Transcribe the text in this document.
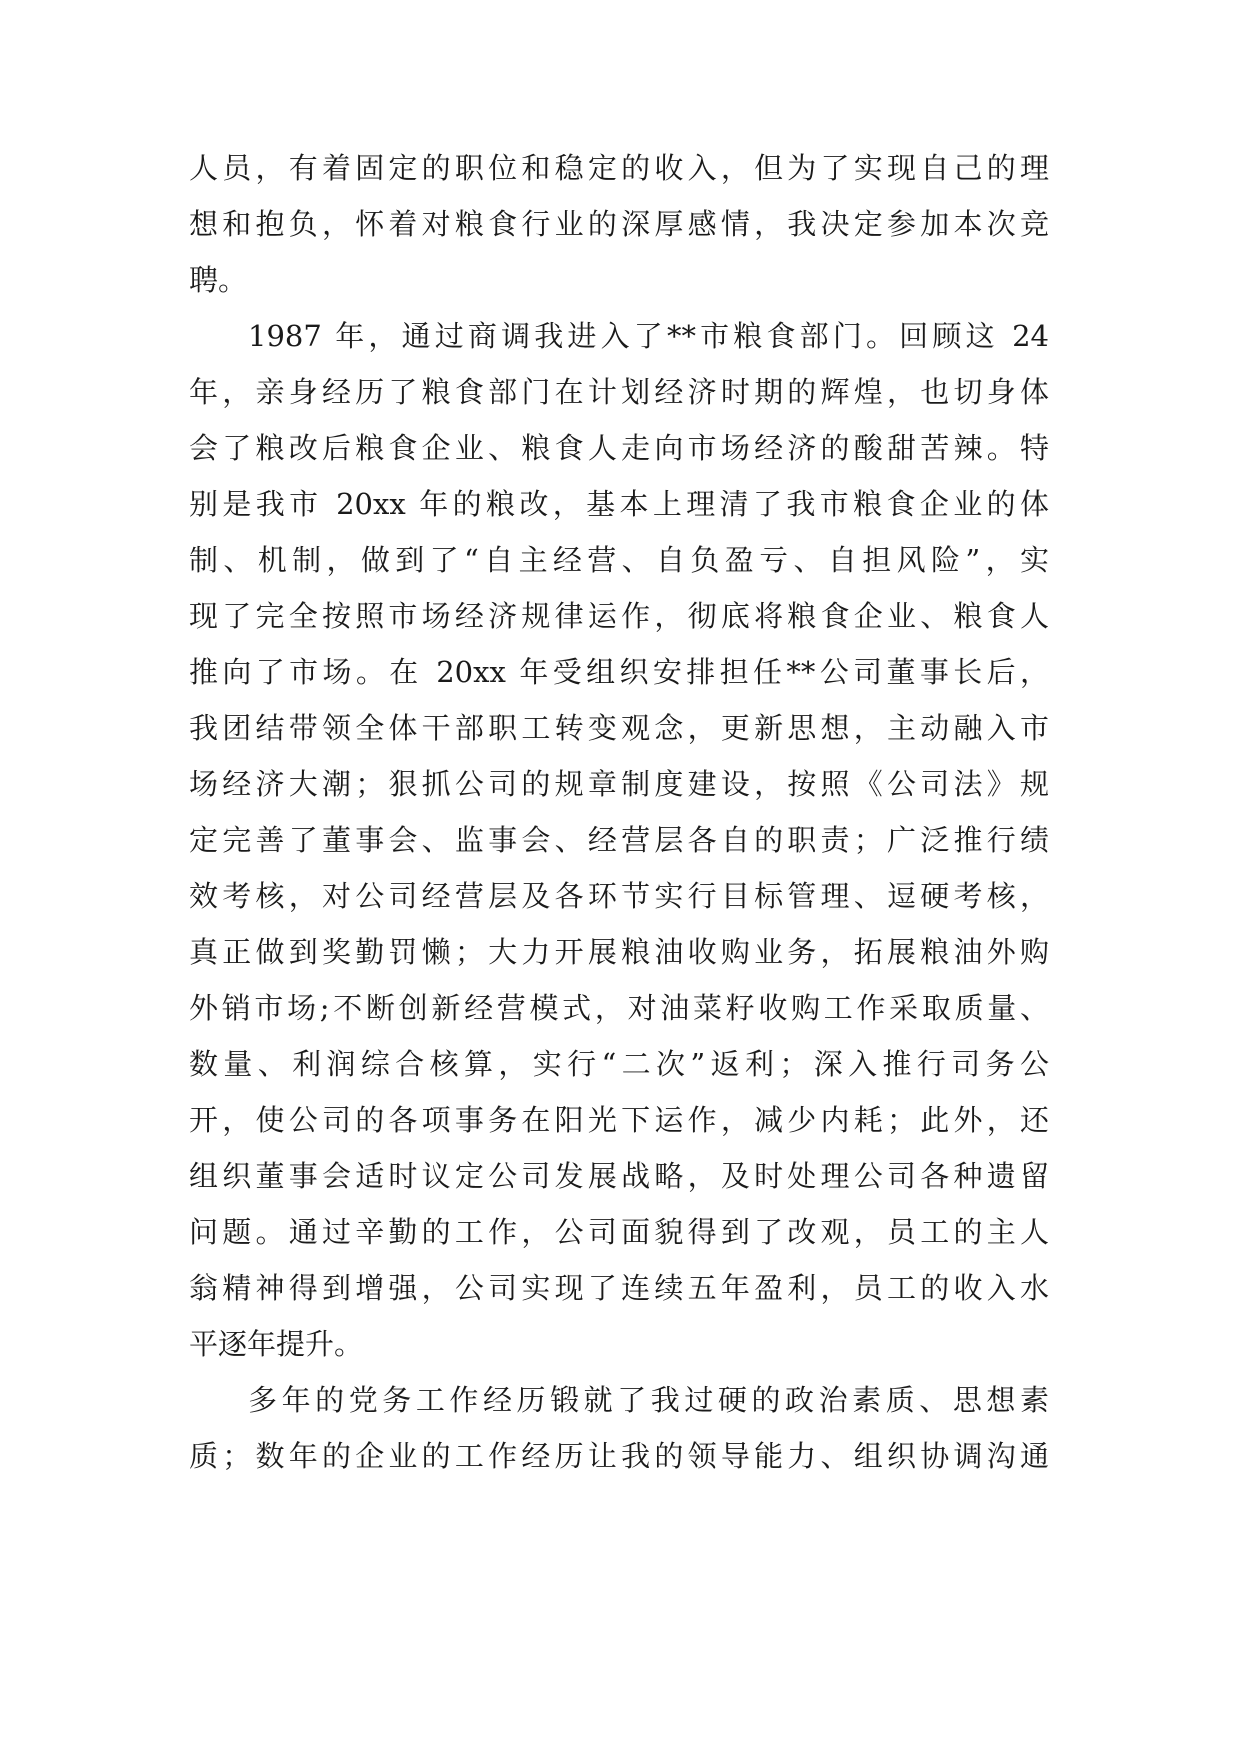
人员，有着固定的职位和稳定的收入，但为了实现自己的理
想和抱负，怀着对粮食行业的深厚感情，我决定参加本次竞
聘。
1987 年，通过商调我进入了**市粮食部门。回顾这 24
年，亲身经历了粮食部门在计划经济时期的辉煌，也切身体
会了粮改后粮食企业、粮食人走向市场经济的酸甜苦辣。特
别是我市 20xx 年的粮改，基本上理清了我市粮食企业的体
制、机制，做到了“自主经营、自负盈亏、自担风险”，实
现了完全按照市场经济规律运作，彻底将粮食企业、粮食人
推向了市场。在 20xx 年受组织安排担任**公司董事长后，
我团结带领全体干部职工转变观念，更新思想，主动融入市
场经济大潮；狠抓公司的规章制度建设，按照《公司法》规
定完善了董事会、监事会、经营层各自的职责；广泛推行绩
效考核，对公司经营层及各环节实行目标管理、逗硬考核，
真正做到奖勤罚懒；大力开展粮油收购业务，拓展粮油外购
外销市场;不断创新经营模式，对油菜籽收购工作采取质量、
数量、利润综合核算，实行“二次”返利；深入推行司务公
开，使公司的各项事务在阳光下运作，减少内耗；此外，还
组织董事会适时议定公司发展战略，及时处理公司各种遗留
问题。通过辛勤的工作，公司面貌得到了改观，员工的主人
翁精神得到增强，公司实现了连续五年盈利，员工的收入水
平逐年提升。
多年的党务工作经历锻就了我过硬的政治素质、思想素
质；数年的企业的工作经历让我的领导能力、组织协调沟通
